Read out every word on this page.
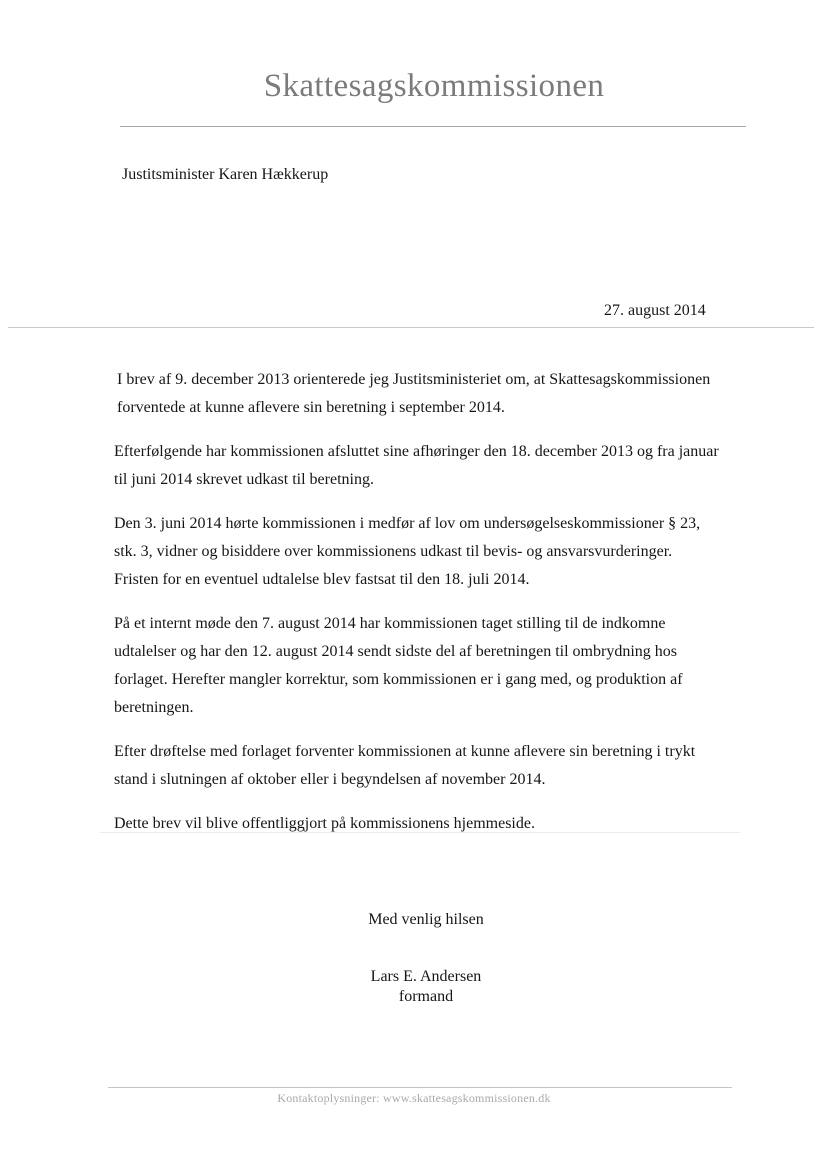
Skattesagskommissionen
Justitsminister Karen Hækkerup
27. august 2014

I brev af 9. december 2013 orienterede jeg Justitsministeriet om, at Skattesagskommissionen
forventede at kunne aflevere sin beretning i september 2014.

Efterfølgende har kommissionen afsluttet sine afhøringer den 18. december 2013 og fra januar
til juni 2014 skrevet udkast til beretning.

Den 3. juni 2014 hørte kommissionen i medfør af lov om undersøgelseskommissioner § 23,
stk. 3, vidner og bisiddere over kommissionens udkast til bevis- og ansvarsvurderinger.
Fristen for en eventuel udtalelse blev fastsat til den 18. juli 2014.

På et internt møde den 7. august 2014 har kommissionen taget stilling til de indkomne
udtalelser og har den 12. august 2014 sendt sidste del af beretningen til ombrydning hos
forlaget. Herefter mangler korrektur, som kommissionen er i gang med, og produktion af
beretningen.

Efter drøftelse med forlaget forventer kommissionen at kunne aflevere sin beretning i trykt
stand i slutningen af oktober eller i begyndelsen af november 2014.

Dette brev vil blive offentliggjort på kommissionens hjemmeside.

Med venlig hilsen
Lars E. Andersen
formand
Kontaktoplysninger: www.skattesagskommissionen.dk
